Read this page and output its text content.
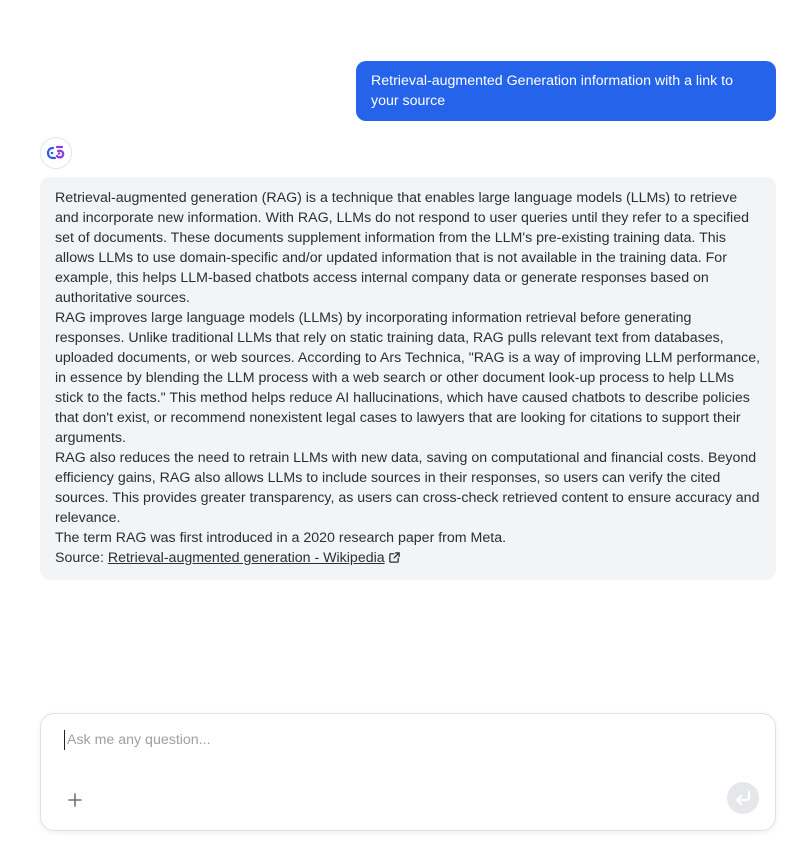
Retrieval-augmented Generation information with a link to your source

Retrieval-augmented generation (RAG) is a technique that enables large language models (LLMs) to retrieve and incorporate new information. With RAG, LLMs do not respond to user queries until they refer to a specified set of documents. These documents supplement information from the LLM's pre-existing training data. This allows LLMs to use domain-specific and/or updated information that is not available in the training data. For example, this helps LLM-based chatbots access internal company data or generate responses based on authoritative sources.

RAG improves large language models (LLMs) by incorporating information retrieval before generating responses. Unlike traditional LLMs that rely on static training data, RAG pulls relevant text from databases, uploaded documents, or web sources. According to Ars Technica, "RAG is a way of improving LLM performance, in essence by blending the LLM process with a web search or other document look-up process to help LLMs stick to the facts." This method helps reduce AI hallucinations, which have caused chatbots to describe policies that don't exist, or recommend nonexistent legal cases to lawyers that are looking for citations to support their arguments.

RAG also reduces the need to retrain LLMs with new data, saving on computational and financial costs. Beyond efficiency gains, RAG also allows LLMs to include sources in their responses, so users can verify the cited sources. This provides greater transparency, as users can cross-check retrieved content to ensure accuracy and relevance.

The term RAG was first introduced in a 2020 research paper from Meta.

Source: Retrieval-augmented generation - Wikipedia

Ask me any question...
